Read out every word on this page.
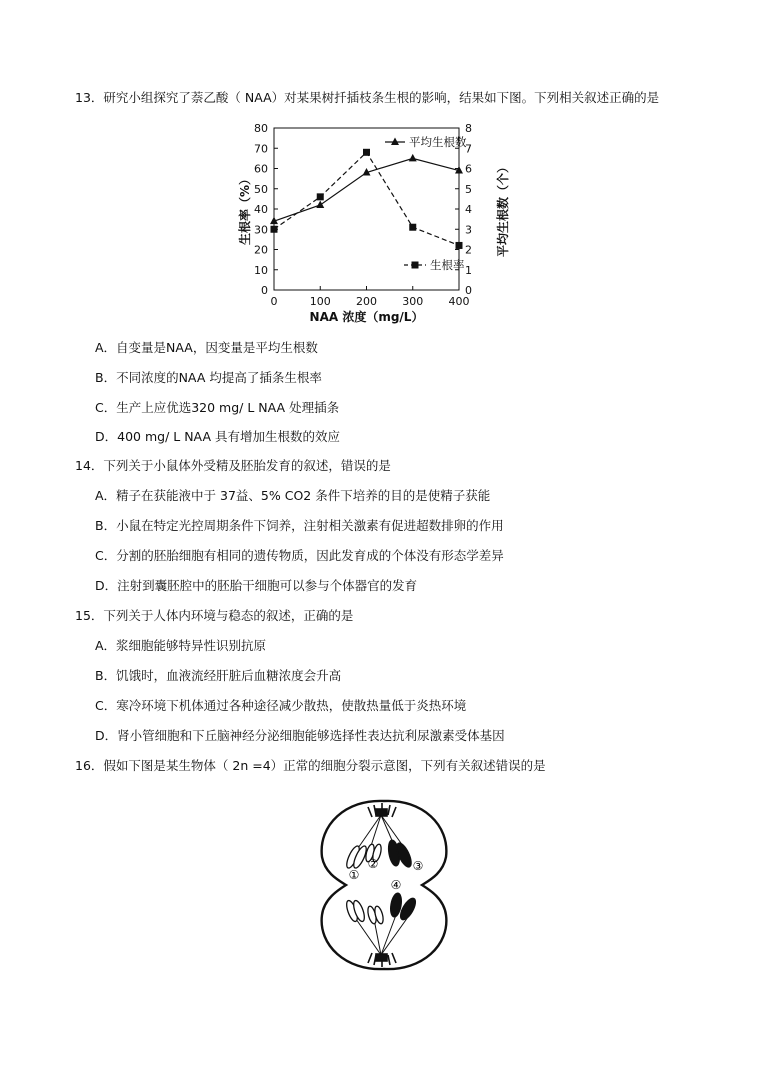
13．研究小组探究了萘乙酸（ NAA）对某果树扦插枝条生根的影响，结果如下图。下列相关叙述正确的是
0
10
20
30
40
50
60
70
80
0
1
2
3
4
5
6
7
8
0	100 200 300 400
NAA 浓度（mg/L）
生根率（%）	平均生根数（个）
平均生根数
生根率
A．自变量是NAA，因变量是平均生根数
B．不同浓度的NAA 均提高了插条生根率
C．生产上应优选320 mg/ L NAA 处理插条
D．400 mg/ L NAA 具有增加生根数的效应
14．下列关于小鼠体外受精及胚胎发育的叙述，错误的是
A．精子在获能液中于 37益、5% CO2 条件下培养的目的是使精子获能
B．小鼠在特定光控周期条件下饲养，注射相关激素有促进超数排卵的作用
C．分割的胚胎细胞有相同的遗传物质，因此发育成的个体没有形态学差异
D．注射到囊胚腔中的胚胎干细胞可以参与个体器官的发育
15．下列关于人体内环境与稳态的叙述，正确的是
A．浆细胞能够特异性识别抗原
B．饥饿时，血液流经肝脏后血糖浓度会升高
C．寒冷环境下机体通过各种途径减少散热，使散热量低于炎热环境
D．肾小管细胞和下丘脑神经分泌细胞能够选择性表达抗利尿激素受体基因
16．假如下图是某生物体（ 2n =4）正常的细胞分裂示意图，下列有关叙述错误的是
①
②	③
④
